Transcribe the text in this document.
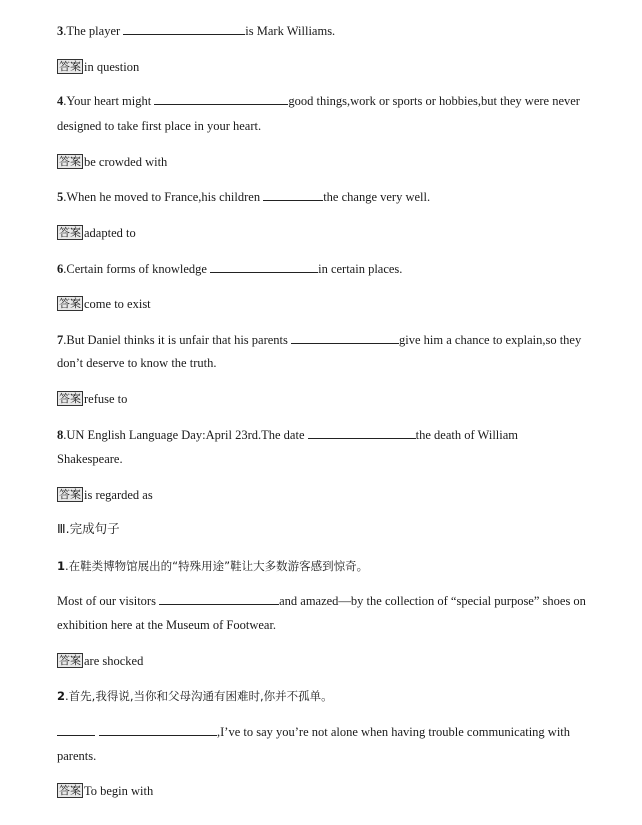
3.The player	is Mark Williams.
答案 in question
4.Your heart might	good things,work or sports or hobbies,but they were never
designed to take first place in your heart.
答案 be crowded with
5.When he moved to France,his children	the change very well.
答案 adapted to
6.Certain forms of knowledge	in certain places.
答案 come to exist
7.But Daniel thinks it is unfair that his parents	give him a chance to explain,so they
don’t deserve to know the truth.
答案 refuse to
8.UN English Language Day:April 23rd.The date	the death of William
Shakespeare.
答案 is regarded as
Ⅲ.完成句子
1.在鞋类博物馆展出的“特殊用途”鞋让大多数游客感到惊奇。
Most of our visitors	and amazed—by the collection of “special purpose” shoes on
exhibition here at the Museum of Footwear.
答案 are shocked
2.首先,我得说,当你和父母沟通有困难时,你并不孤单。
,I’ve to say you’re not alone when having trouble communicating with
parents.
答案 To begin with
